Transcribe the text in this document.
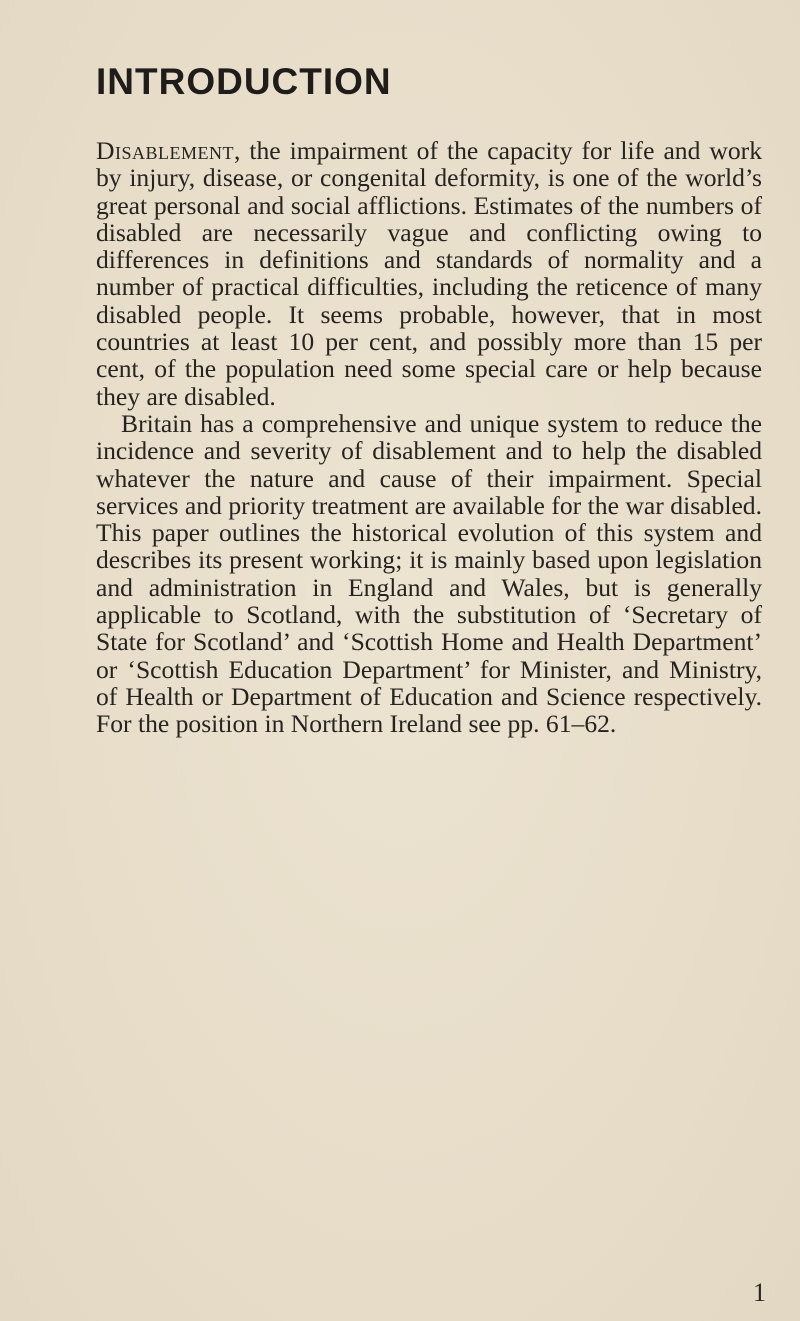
INTRODUCTION

Disablement, the impairment of the capacity for life and work by injury, disease, or congenital deformity, is one of the world’s great personal and social afflictions. Estimates of the numbers of disabled are necessarily vague and conflicting owing to differences in definitions and standards of normality and a number of practical difficulties, including the reticence of many disabled people. It seems probable, however, that in most countries at least 10 per cent, and possibly more than 15 per cent, of the population need some special care or help because they are disabled.

Britain has a comprehensive and unique system to reduce the incidence and severity of disablement and to help the disabled whatever the nature and cause of their impairment. Special services and priority treatment are available for the war disabled. This paper outlines the historical evolution of this system and describes its present working; it is mainly based upon legislation and administration in England and Wales, but is generally applicable to Scotland, with the substitution of ‘Secretary of State for Scotland’ and ‘Scottish Home and Health Department’ or ‘Scottish Education Department’ for Minister, and Ministry, of Health or Department of Education and Science respectively. For the position in Northern Ireland see pp. 61–62.

1
